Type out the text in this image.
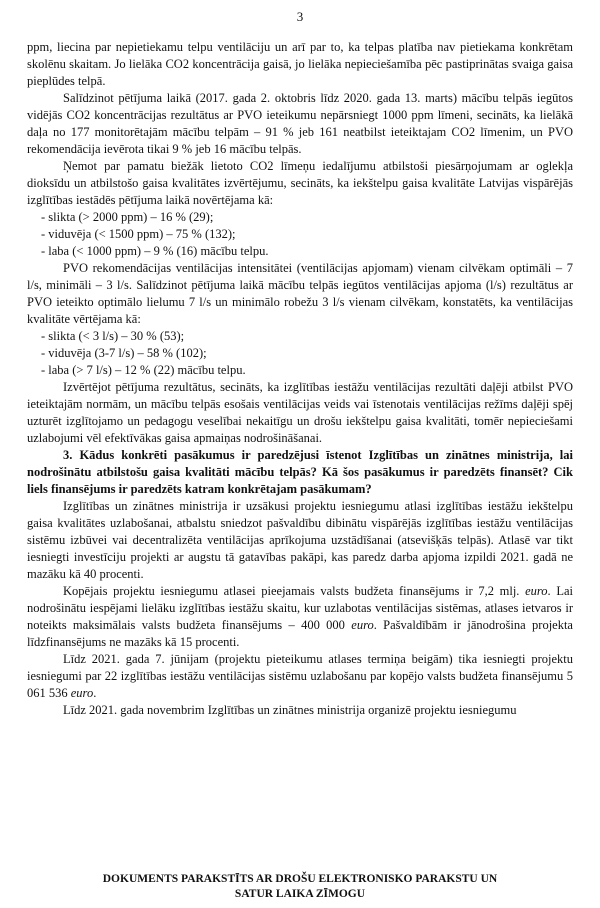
3

ppm, liecina par nepietiekamu telpu ventilāciju un arī par to, ka telpas platība nav pietiekama konkrētam skolēnu skaitam. Jo lielāka CO2 koncentrācija gaisā, jo lielāka nepieciešamība pēc pastiprinātas svaiga gaisa pieplūdes telpā.

Salīdzinot pētījuma laikā (2017. gada 2. oktobris līdz 2020. gada 13. marts) mācību telpās iegūtos vidējās CO2 koncentrācijas rezultātus ar PVO ieteikumu nepārsniegt 1000 ppm līmeni, secināts, ka lielākā daļa no 177 monitorētajām mācību telpām – 91 % jeb 161 neatbilst ieteiktajam CO2 līmenim, un PVO rekomendācija ievērota tikai 9 % jeb 16 mācību telpās.

Ņemot par pamatu biežāk lietoto CO2 līmeņu iedalījumu atbilstoši piesārņojumam ar oglekļa dioksīdu un atbilstošo gaisa kvalitātes izvērtējumu, secināts, ka iekštelpu gaisa kvalitāte Latvijas vispārējās izglītības iestādēs pētījuma laikā novērtējama kā:

- slikta (> 2000 ppm) – 16 % (29);

- viduvēja (< 1500 ppm) – 75 % (132);

- laba (< 1000 ppm) – 9 % (16) mācību telpu.

PVO rekomendācijas ventilācijas intensitātei (ventilācijas apjomam) vienam cilvēkam optimāli – 7 l/s, minimāli – 3 l/s. Salīdzinot pētījuma laikā mācību telpās iegūtos ventilācijas apjoma (l/s) rezultātus ar PVO ieteikto optimālo lielumu 7 l/s un minimālo robežu 3 l/s vienam cilvēkam, konstatēts, ka ventilācijas kvalitāte vērtējama kā:

- slikta (< 3 l/s) – 30 % (53);

- viduvēja (3-7 l/s) – 58 % (102);

- laba (> 7 l/s) – 12 % (22) mācību telpu.

Izvērtējot pētījuma rezultātus, secināts, ka izglītības iestāžu ventilācijas rezultāti daļēji atbilst PVO ieteiktajām normām, un mācību telpās esošais ventilācijas veids vai īstenotais ventilācijas režīms daļēji spēj uzturēt izglītojamo un pedagogu veselībai nekaitīgu un drošu iekštelpu gaisa kvalitāti, tomēr nepieciešami uzlabojumi vēl efektīvākas gaisa apmaiņas nodrošināšanai.

3. Kādus konkrēti pasākumus ir paredzējusi īstenot Izglītības un zinātnes ministrija, lai nodrošinātu atbilstošu gaisa kvalitāti mācību telpās? Kā šos pasākumus ir paredzēts finansēt? Cik liels finansējums ir paredzēts katram konkrētajam pasākumam?

Izglītības un zinātnes ministrija ir uzsākusi projektu iesniegumu atlasi izglītības iestāžu iekštelpu gaisa kvalitātes uzlabošanai, atbalstu sniedzot pašvaldību dibinātu vispārējās izglītības iestāžu ventilācijas sistēmu izbūvei vai decentralizēta ventilācijas aprīkojuma uzstādīšanai (atsevišķās telpās). Atlasē var tikt iesniegti investīciju projekti ar augstu tā gatavības pakāpi, kas paredz darba apjoma izpildi 2021. gadā ne mazāku kā 40 procenti.

Kopējais projektu iesniegumu atlasei pieejamais valsts budžeta finansējums ir 7,2 mlj. euro. Lai nodrošinātu iespējami lielāku izglītības iestāžu skaitu, kur uzlabotas ventilācijas sistēmas, atlases ietvaros ir noteikts maksimālais valsts budžeta finansējums – 400 000 euro. Pašvaldībām ir jānodrošina projekta līdzfinansējums ne mazāks kā 15 procenti.

Līdz 2021. gada 7. jūnijam (projektu pieteikumu atlases termiņa beigām) tika iesniegti projektu iesniegumi par 22 izglītības iestāžu ventilācijas sistēmu uzlabošanu par kopējo valsts budžeta finansējumu 5 061 536 euro.

Līdz 2021. gada novembrim Izglītības un zinātnes ministrija organizē projektu iesniegumu

DOKUMENTS PARAKSTĪTS AR DROŠU ELEKTRONISKO PARAKSTU UN
SATUR LAIKA ZĪMOGU
